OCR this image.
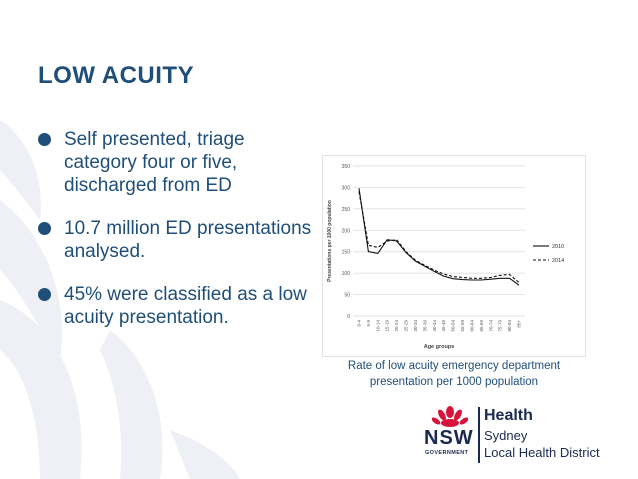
LOW ACUITY
Self presented, triage category four or five, discharged from ED
10.7 million ED presentations analysed.
45% were classified as a low acuity presentation.	0
50
100
150
200
250
300
350
0-4 5-9 10-14 15-19 20-24 25-29 30-34 35-39 40-44 45-49 50-54 55-59 60-64 65-69 70-74 75-79 80-84 85+
Age groups
Presentations per 1000 population	2010
2014
Rate of low acuity emergency department presentation per 1000 population
NSW
GOVERNMENT
Health
Sydney
Local Health District
